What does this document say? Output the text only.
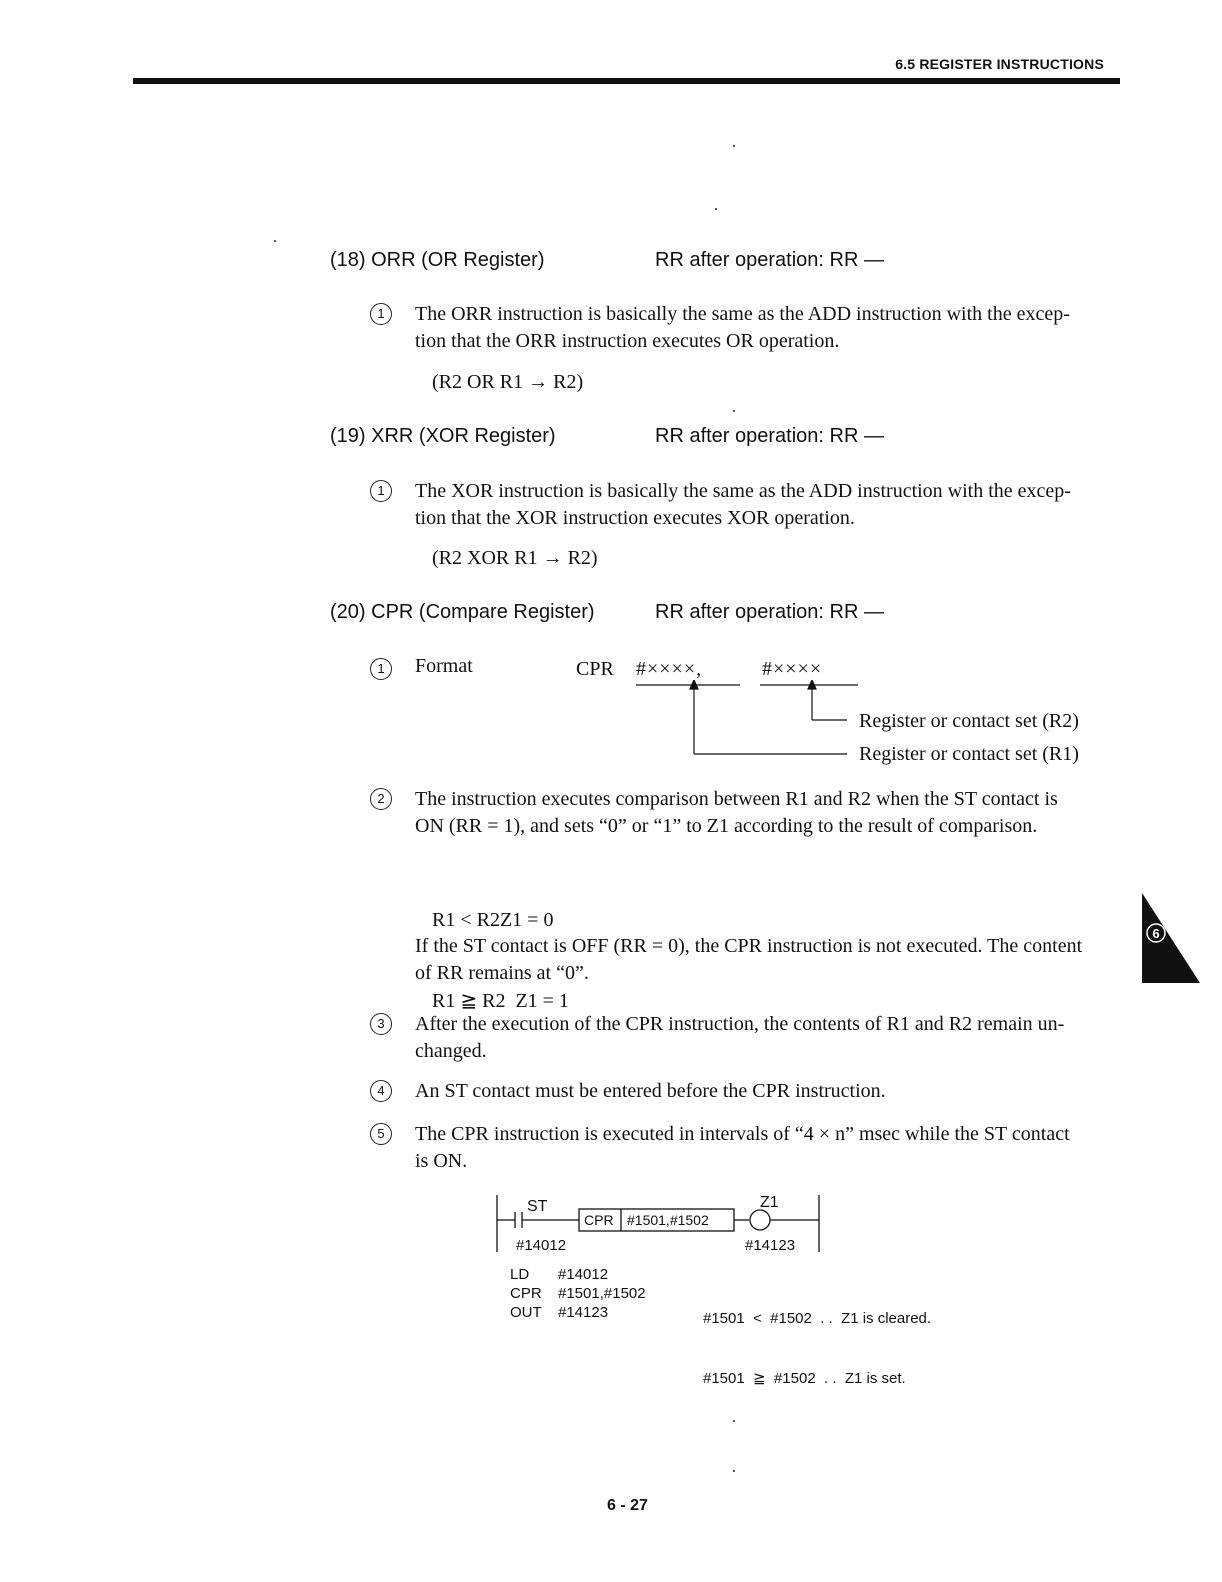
6.5 REGISTER INSTRUCTIONS
(18) ORR (OR Register)	RR after operation: RR —
1	The ORR instruction is basically the same as the ADD instruction with the excep-
tion that the ORR instruction executes OR operation.
(R2 OR R1 → R2)
(19) XRR (XOR Register)	RR after operation: RR —
1	The XOR instruction is basically the same as the ADD instruction with the excep-
tion that the XOR instruction executes XOR operation.
(R2 XOR R1 → R2)
(20) CPR (Compare Register)	RR after operation: RR —
1	Format	CPR #××××,	#××××
Register or contact set (R2)
Register or contact set (R1)
2	The instruction executes comparison between R1 and R2 when the ST contact is
ON (RR = 1), and sets “0” or “1” to Z1 according to the result of comparison.

R1 < R2Z1 = 0

R1 ≧ R2  Z1 = 1

If the ST contact is OFF (RR = 0), the CPR instruction is not executed. The content
of RR remains at “0”.
3	After the execution of the CPR instruction, the contents of R1 and R2 remain un-
changed.
4	An ST contact must be entered before the CPR instruction.
5	The CPR instruction is executed in intervals of “4 × n” msec while the ST contact
is ON.
ST
#14012
CPR #1501,#1502
Z1
#14123
LD #14012
CPR #1501,#1502
OUT #14123

	#1501  <  #1502  . .  Z1 is cleared.

#1501  ≧  #1502  . .  Z1 is set.

6
6 - 27
